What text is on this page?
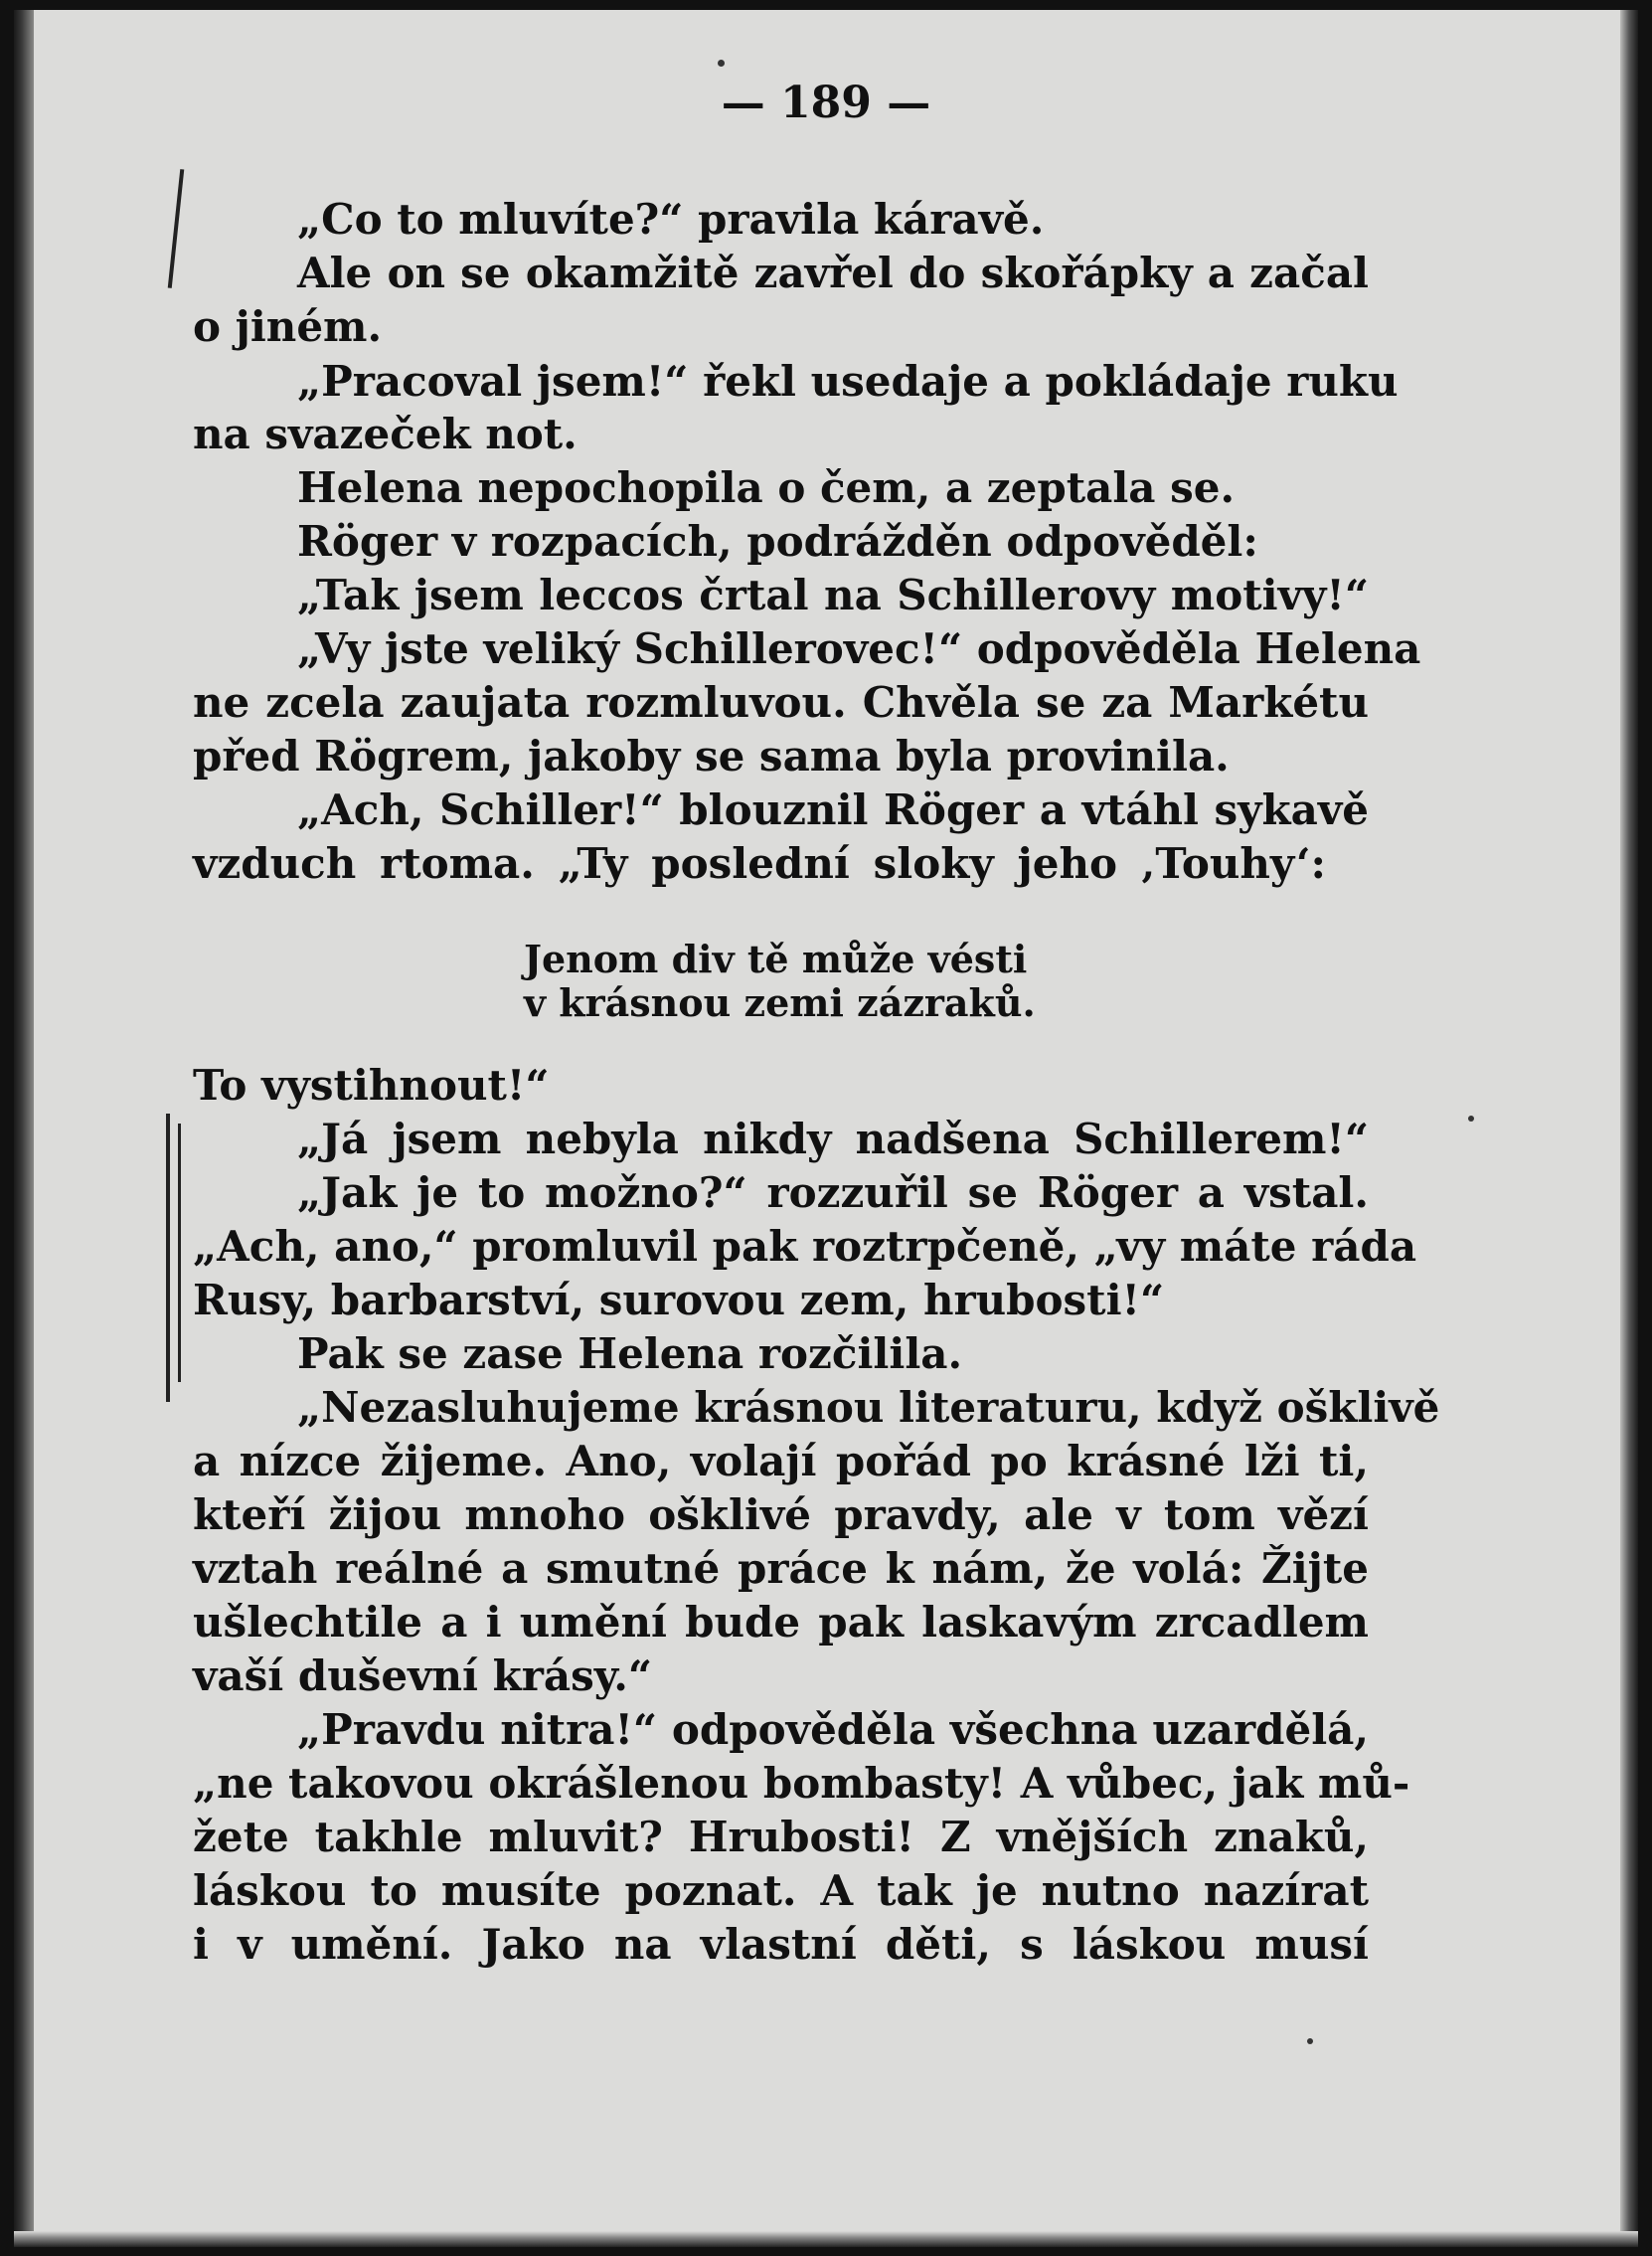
— 189 —
„Co to mluvíte?“ pravila káravě.
Ale on se okamžitě zavřel do skořápky a začal
o jiném.
„Pracoval jsem!“ řekl usedaje a pokládaje ruku
na svazeček not.
Helena nepochopila o čem, a zeptala se.
Röger v rozpacích, podrážděn odpověděl:
„Tak jsem leccos črtal na Schillerovy motivy!“
„Vy jste veliký Schillerovec!“ odpověděla Helena
ne zcela zaujata rozmluvou. Chvěla se za Markétu
před Rögrem, jakoby se sama byla provinila.
„Ach, Schiller!“ blouznil Röger a vtáhl sykavě
vzduch rtoma. „Ty poslední sloky jeho ‚Touhy‘:
Jenom div tě může vésti
v krásnou zemi zázraků.
To vystihnout!“
„Já jsem nebyla nikdy nadšena Schillerem!“
„Jak je to možno?“ rozzuřil se Röger a vstal.
„Ach, ano,“ promluvil pak roztrpčeně, „vy máte ráda
Rusy, barbarství, surovou zem, hrubosti!“
Pak se zase Helena rozčilila.
„Nezasluhujeme krásnou literaturu, když ošklivě
a nízce žijeme. Ano, volají pořád po krásné lži ti,
kteří žijou mnoho ošklivé pravdy, ale v tom vězí
vztah reálné a smutné práce k nám, že volá: Žijte
ušlechtile a i umění bude pak laskavým zrcadlem
vaší duševní krásy.“
„Pravdu nitra!“ odpověděla všechna uzardělá,
„ne takovou okrášlenou bombasty! A vůbec, jak mů-
žete takhle mluvit? Hrubosti! Z vnějších znaků,
láskou to musíte poznat. A tak je nutno nazírat
i v umění. Jako na vlastní děti, s láskou musí
